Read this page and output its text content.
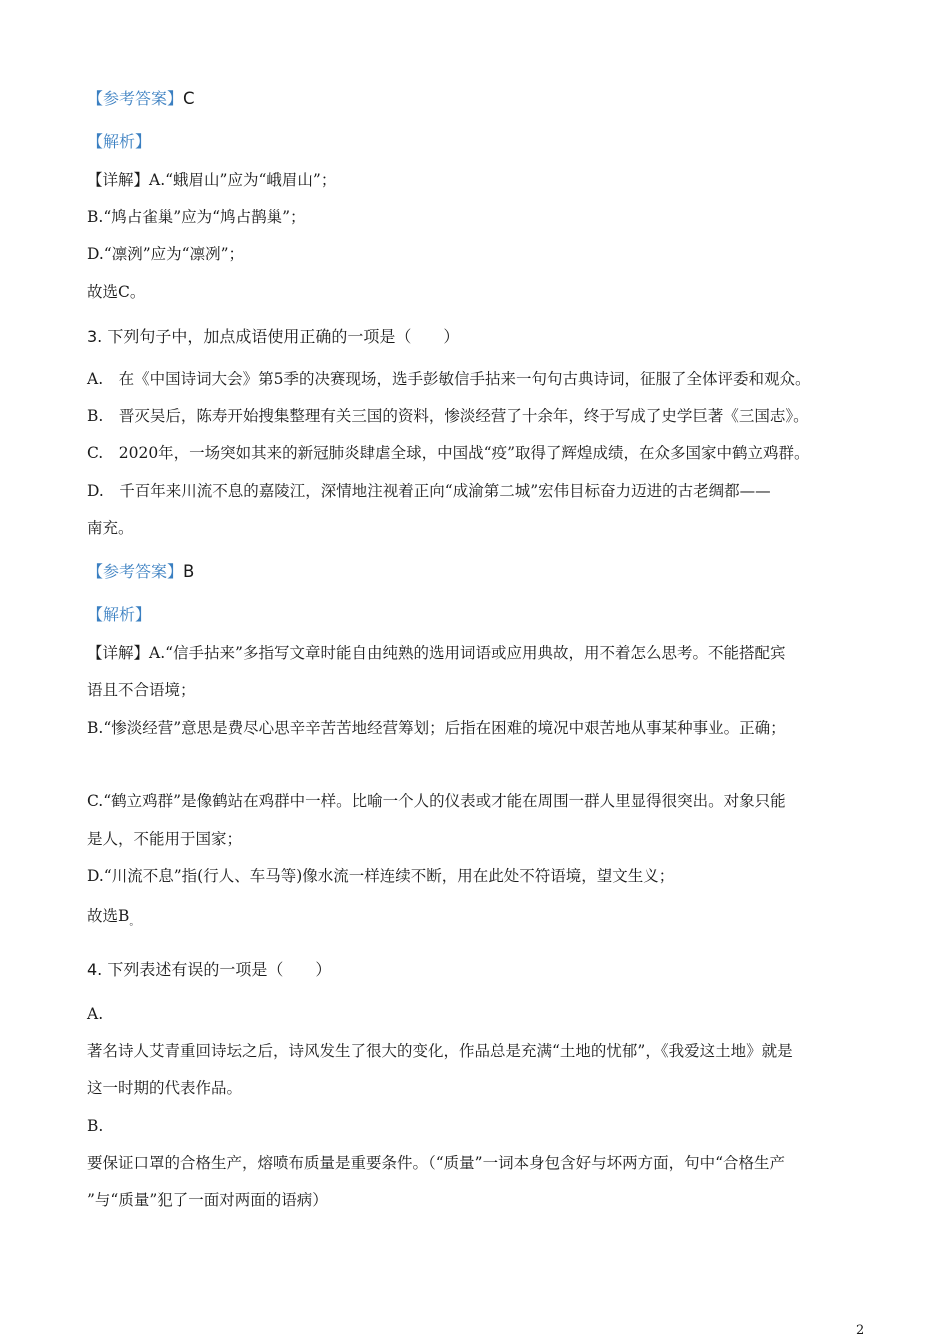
【参考答案】C
【解析】
【详解】A.“蛾眉山”应为“峨眉山”；
B.“鸠占雀巢”应为“鸠占鹊巢”；
D.“凛洌”应为“凛冽”；
故选C。
3. 下列句子中，加点成语使用正确的一项是（　　）
A.　在《中国诗词大会》第5季的决赛现场，选手彭敏信手拈来一句句古典诗词，征服了全体评委和观众。
B.　晋灭吴后，陈寿开始搜集整理有关三国的资料，惨淡经营了十余年，终于写成了史学巨著《三国志》。
C.　2020年，一场突如其来的新冠肺炎肆虐全球，中国战“疫”取得了辉煌成绩，在众多国家中鹤立鸡群。
D.　千百年来川流不息的嘉陵江，深情地注视着正向“成渝第二城”宏伟目标奋力迈进的古老绸都——
南充。
【参考答案】B
【解析】
【详解】A.“信手拈来”多指写文章时能自由纯熟的选用词语或应用典故，用不着怎么思考。不能搭配宾
语且不合语境；
B.“惨淡经营”意思是费尽心思辛辛苦苦地经营筹划；后指在困难的境况中艰苦地从事某种事业。正确；
C.“鹤立鸡群”是像鹤站在鸡群中一样。比喻一个人的仪表或才能在周围一群人里显得很突出。对象只能
是人，不能用于国家；
D.“川流不息”指(行人、车马等)像水流一样连续不断，用在此处不符语境，望文生义；
故选$B_。$
4. 下列表述有误的一项是（　　）
A.
著名诗人艾青重回诗坛之后，诗风发生了很大的变化，作品总是充满“土地的忧郁”，《我爱这土地》就是
这一时期的代表作品。
B.
要保证口罩的合格生产，熔喷布质量是重要条件。（“质量”一词本身包含好与坏两方面，句中“合格生产
”与“质量”犯了一面对两面的语病）
2
